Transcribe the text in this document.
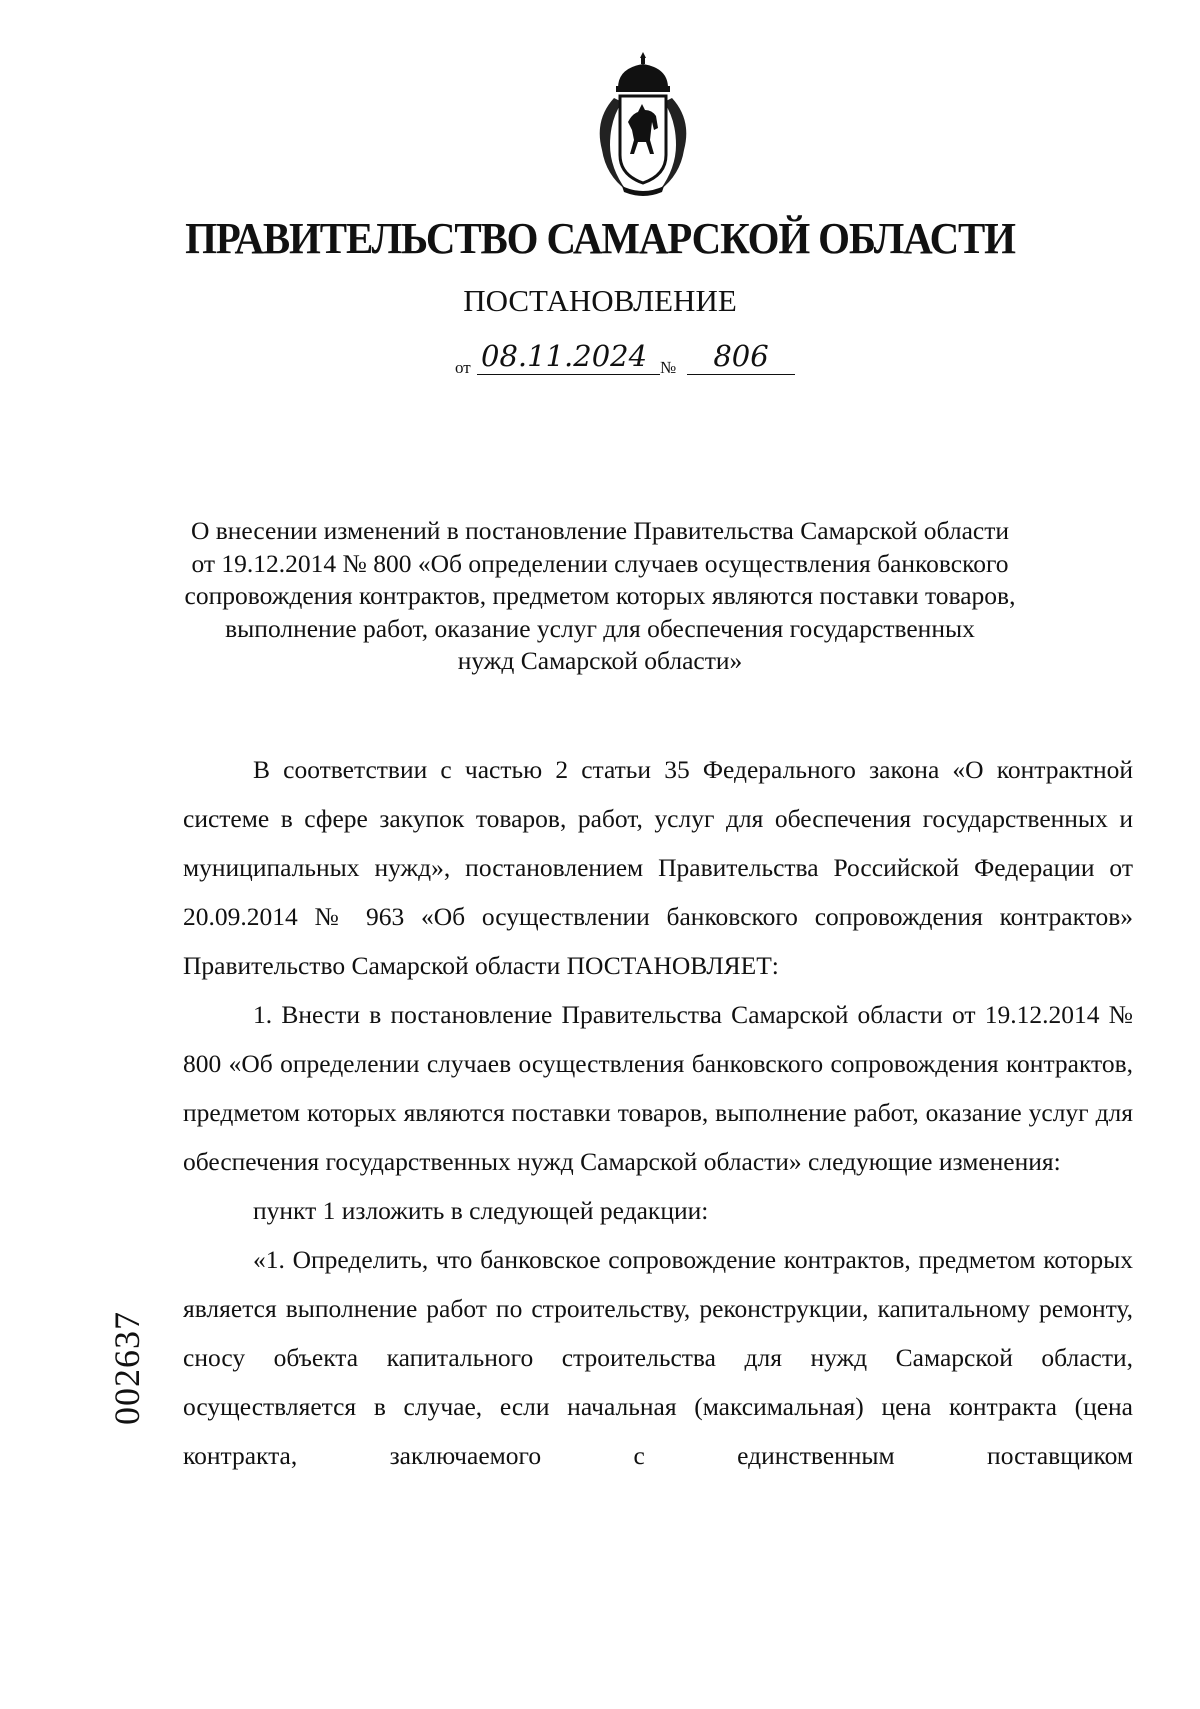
ПРАВИТЕЛЬСТВО САМАРСКОЙ ОБЛАСТИ
ПОСТАНОВЛЕНИЕ
от 08.11.2024 №	806
О внесении изменений в постановление Правительства Самарской области
от 19.12.2014 № 800 «Об определении случаев осуществления банковского
сопровождения контрактов, предметом которых являются поставки товаров,
выполнение работ, оказание услуг для обеспечения государственных
нужд Самарской области»

В соответствии с частью 2 статьи 35 Федерального закона «О контрактной системе в сфере закупок товаров, работ, услуг для обеспечения государственных и муниципальных нужд», постановлением Правительства Российской Федерации от 20.09.2014 № 963 «Об осуществлении банковского сопровождения контрактов» Правительство Самарской области ПОСТАНОВЛЯЕТ:

1. Внести в постановление Правительства Самарской области от 19.12.2014 № 800 «Об определении случаев осуществления банковского сопровождения контрактов, предметом которых являются поставки товаров, выполнение работ, оказание услуг для обеспечения государственных нужд Самарской области» следующие изменения:

пункт 1 изложить в следующей редакции:

«1. Определить, что банковское сопровождение контрактов, предметом которых является выполнение работ по строительству, реконструкции, капитальному ремонту, сносу объекта капитального строительства для нужд Самарской области, осуществляется в случае, если начальная (максимальная) цена контракта (цена контракта, заключаемого с единственным поставщиком

002637
